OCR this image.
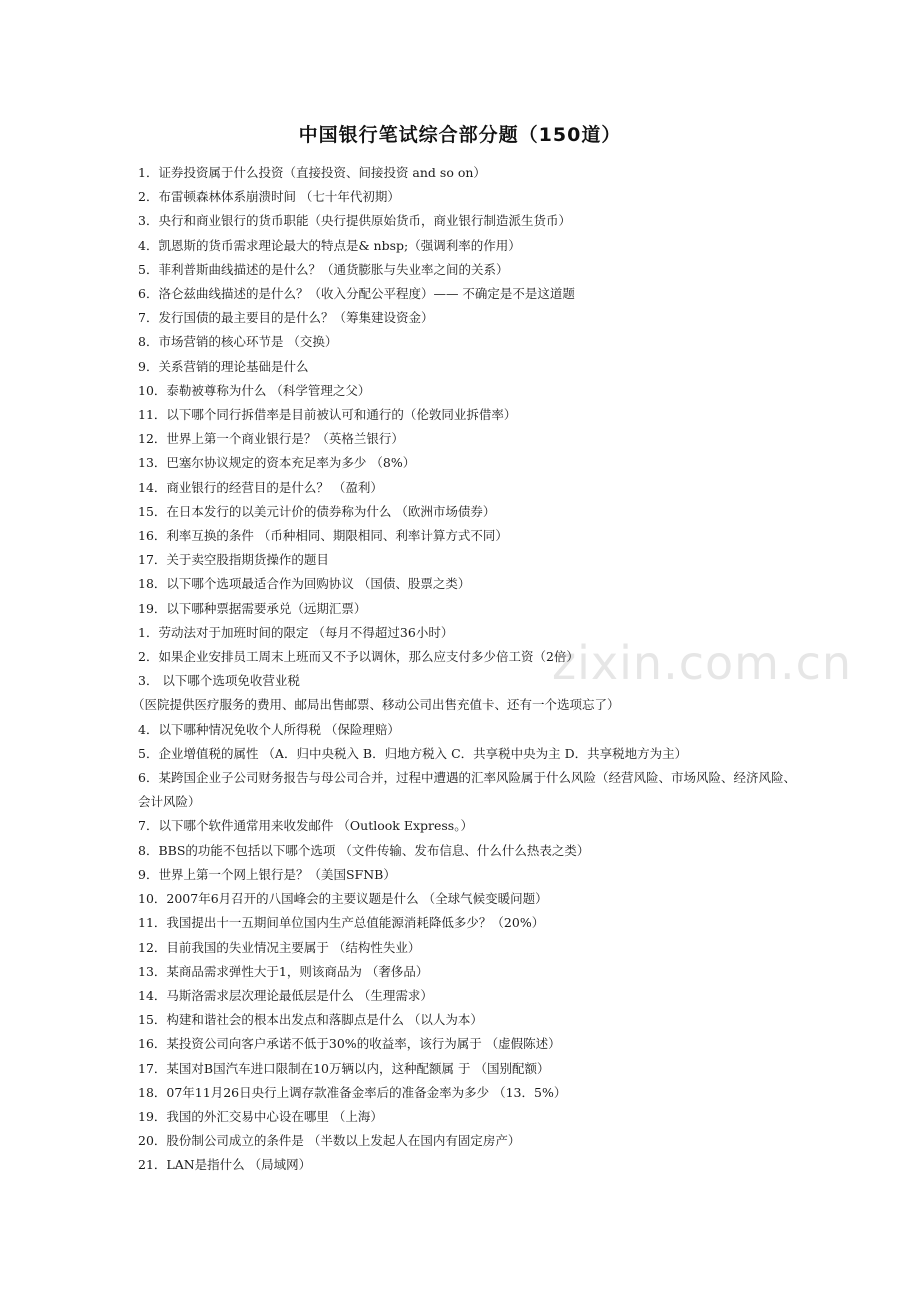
zixin.com.cn
中国银行笔试综合部分题（150道）
1．证券投资属于什么投资（直接投资、间接投资 and so on）
2．布雷顿森林体系崩溃时间 （七十年代初期）
3．央行和商业银行的货币职能（央行提供原始货币，商业银行制造派生货币）
4．凯恩斯的货币需求理论最大的特点是& nbsp;（强调利率的作用）
5．菲利普斯曲线描述的是什么？（通货膨胀与失业率之间的关系）
6．洛仑兹曲线描述的是什么？（收入分配公平程度）—— 不确定是不是这道题
7．发行国债的最主要目的是什么？（筹集建设资金）
8．市场营销的核心环节是 （交换）
9．关系营销的理论基础是什么
10．泰勒被尊称为什么 （科学管理之父）
11．以下哪个同行拆借率是目前被认可和通行的（伦敦同业拆借率）
12．世界上第一个商业银行是？（英格兰银行）
13．巴塞尔协议规定的资本充足率为多少 （8%）
14．商业银行的经营目的是什么？ （盈利）
15．在日本发行的以美元计价的债券称为什么 （欧洲市场债券）
16．利率互换的条件 （币种相同、期限相同、利率计算方式不同）
17．关于卖空股指期货操作的题目
18．以下哪个选项最适合作为回购协议 （国债、股票之类）
19．以下哪种票据需要承兑（远期汇票）
1．劳动法对于加班时间的限定 （每月不得超过36小时）
2．如果企业安排员工周末上班而又不予以调休，那么应支付多少倍工资（2倍）
3． 以下哪个选项免收营业税
（医院提供医疗服务的费用、邮局出售邮票、移动公司出售充值卡、还有一个选项忘了）
4．以下哪种情况免收个人所得税 （保险理赔）
5．企业增值税的属性 （A．归中央税入 B．归地方税入 C．共享税中央为主 D．共享税地方为主）
6．某跨国企业子公司财务报告与母公司合并，过程中遭遇的汇率风险属于什么风险（经营风险、市场风险、经济风险、会计风险）
7．以下哪个软件通常用来收发邮件 （Outlook Express。）
8．BBS的功能不包括以下哪个选项 （文件传输、发布信息、什么什么热表之类）
9．世界上第一个网上银行是？（美国SFNB）
10．2007年6月召开的八国峰会的主要议题是什么 （全球气候变暖问题）
11．我国提出十一五期间单位国内生产总值能源消耗降低多少？（20%）
12．目前我国的失业情况主要属于 （结构性失业）
13．某商品需求弹性大于1，则该商品为 （奢侈品）
14．马斯洛需求层次理论最低层是什么 （生理需求）
15．构建和谐社会的根本出发点和落脚点是什么 （以人为本）
16．某投资公司向客户承诺不低于30%的收益率，该行为属于 （虚假陈述）
17．某国对B国汽车进口限制在10万辆以内，这种配额属 于 （国别配额）
18．07年11月26日央行上调存款准备金率后的准备金率为多少 （13．5%）
19．我国的外汇交易中心设在哪里 （上海）
20．股份制公司成立的条件是 （半数以上发起人在国内有固定房产）
21．LAN是指什么 （局域网）
